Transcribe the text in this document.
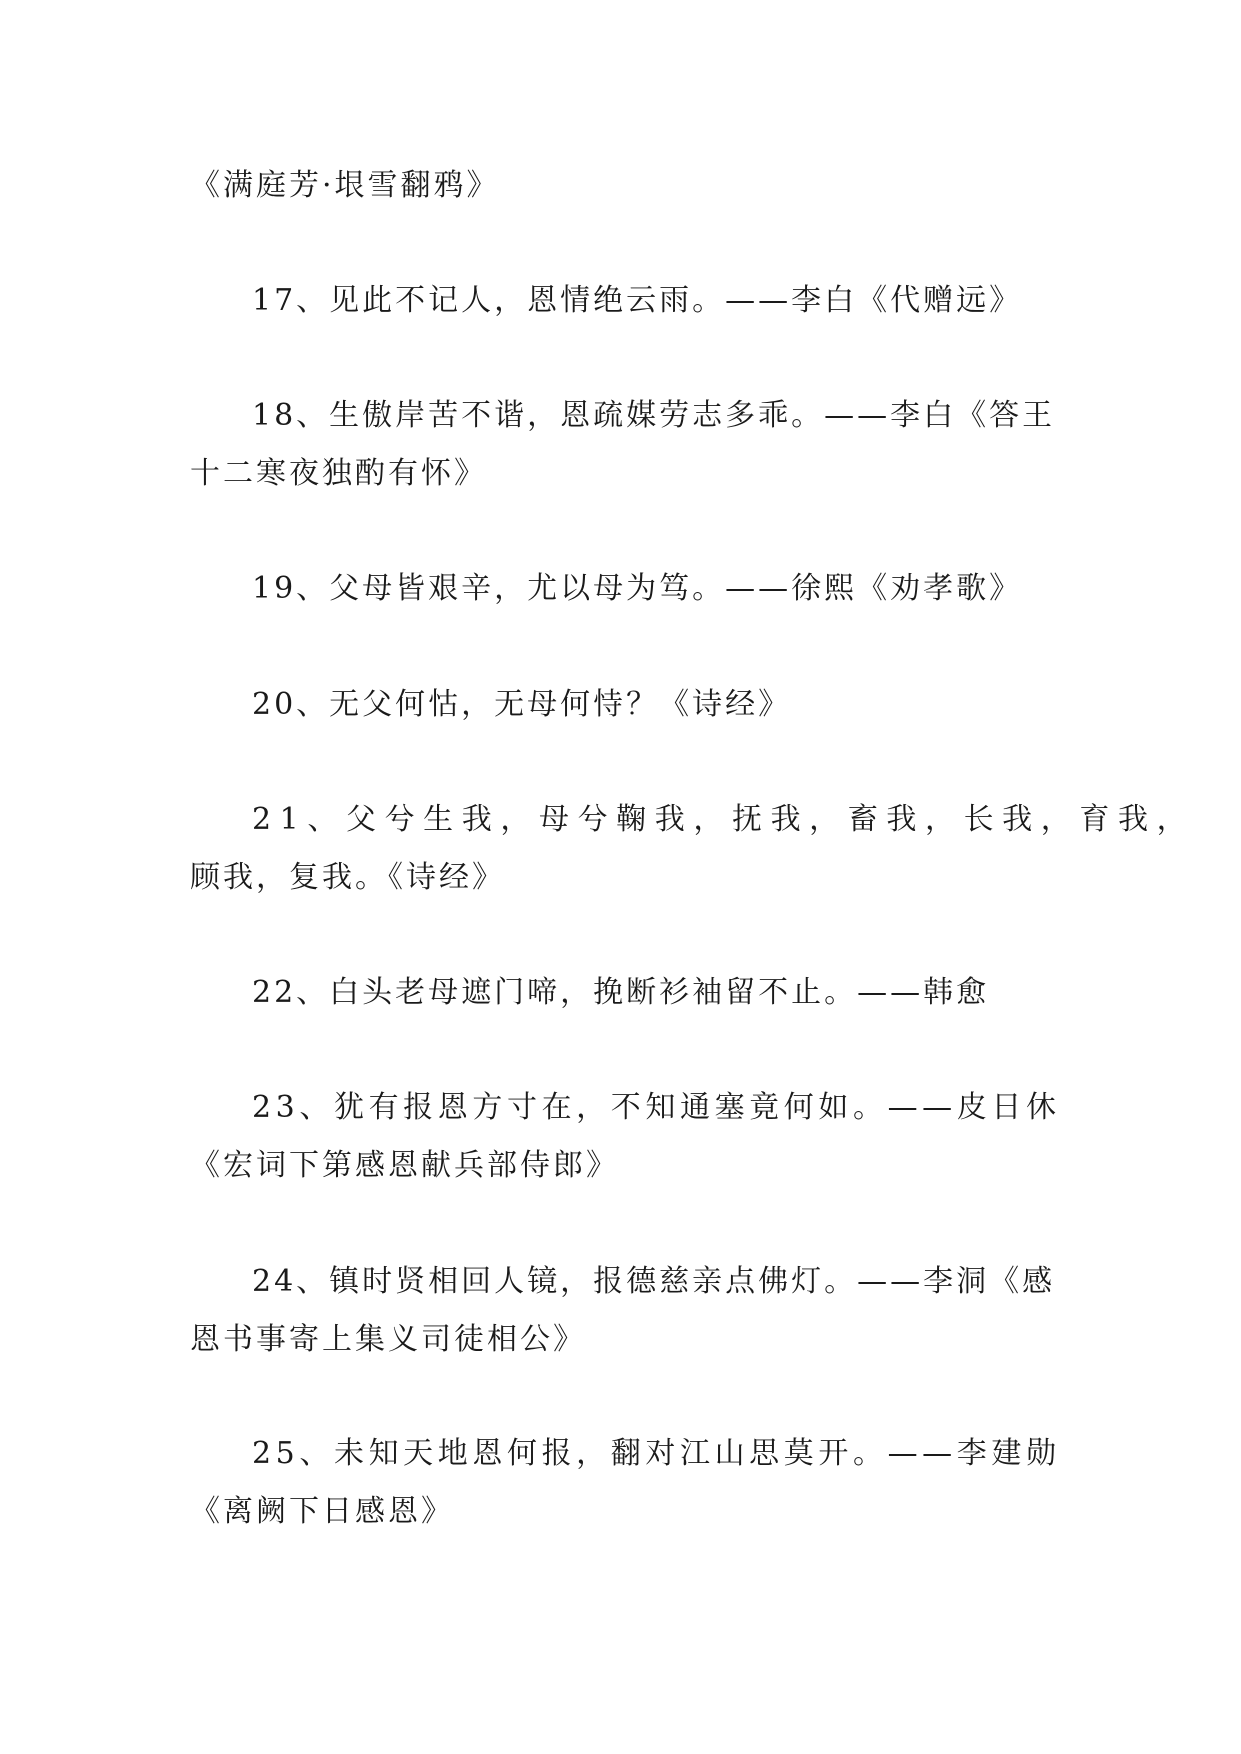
《满庭芳·垠雪翻鸦》
17、见此不记人，恩情绝云雨。——李白《代赠远》
18、生傲岸苦不谐，恩疏媒劳志多乖。——李白《答王
十二寒夜独酌有怀》
19、父母皆艰辛，尤以母为笃。——徐熙《劝孝歌》
20、无父何怙，无母何恃？《诗经》
21、父兮生我，母兮鞠我，抚我，畜我，长我，育我，
顾我，复我。《诗经》
22、白头老母遮门啼，挽断衫袖留不止。——韩愈
23、犹有报恩方寸在，不知通塞竟何如。——皮日休
《宏词下第感恩献兵部侍郎》
24、镇时贤相回人镜，报德慈亲点佛灯。——李洞《感
恩书事寄上集义司徒相公》
25、未知天地恩何报，翻对江山思莫开。——李建勋
《离阙下日感恩》
